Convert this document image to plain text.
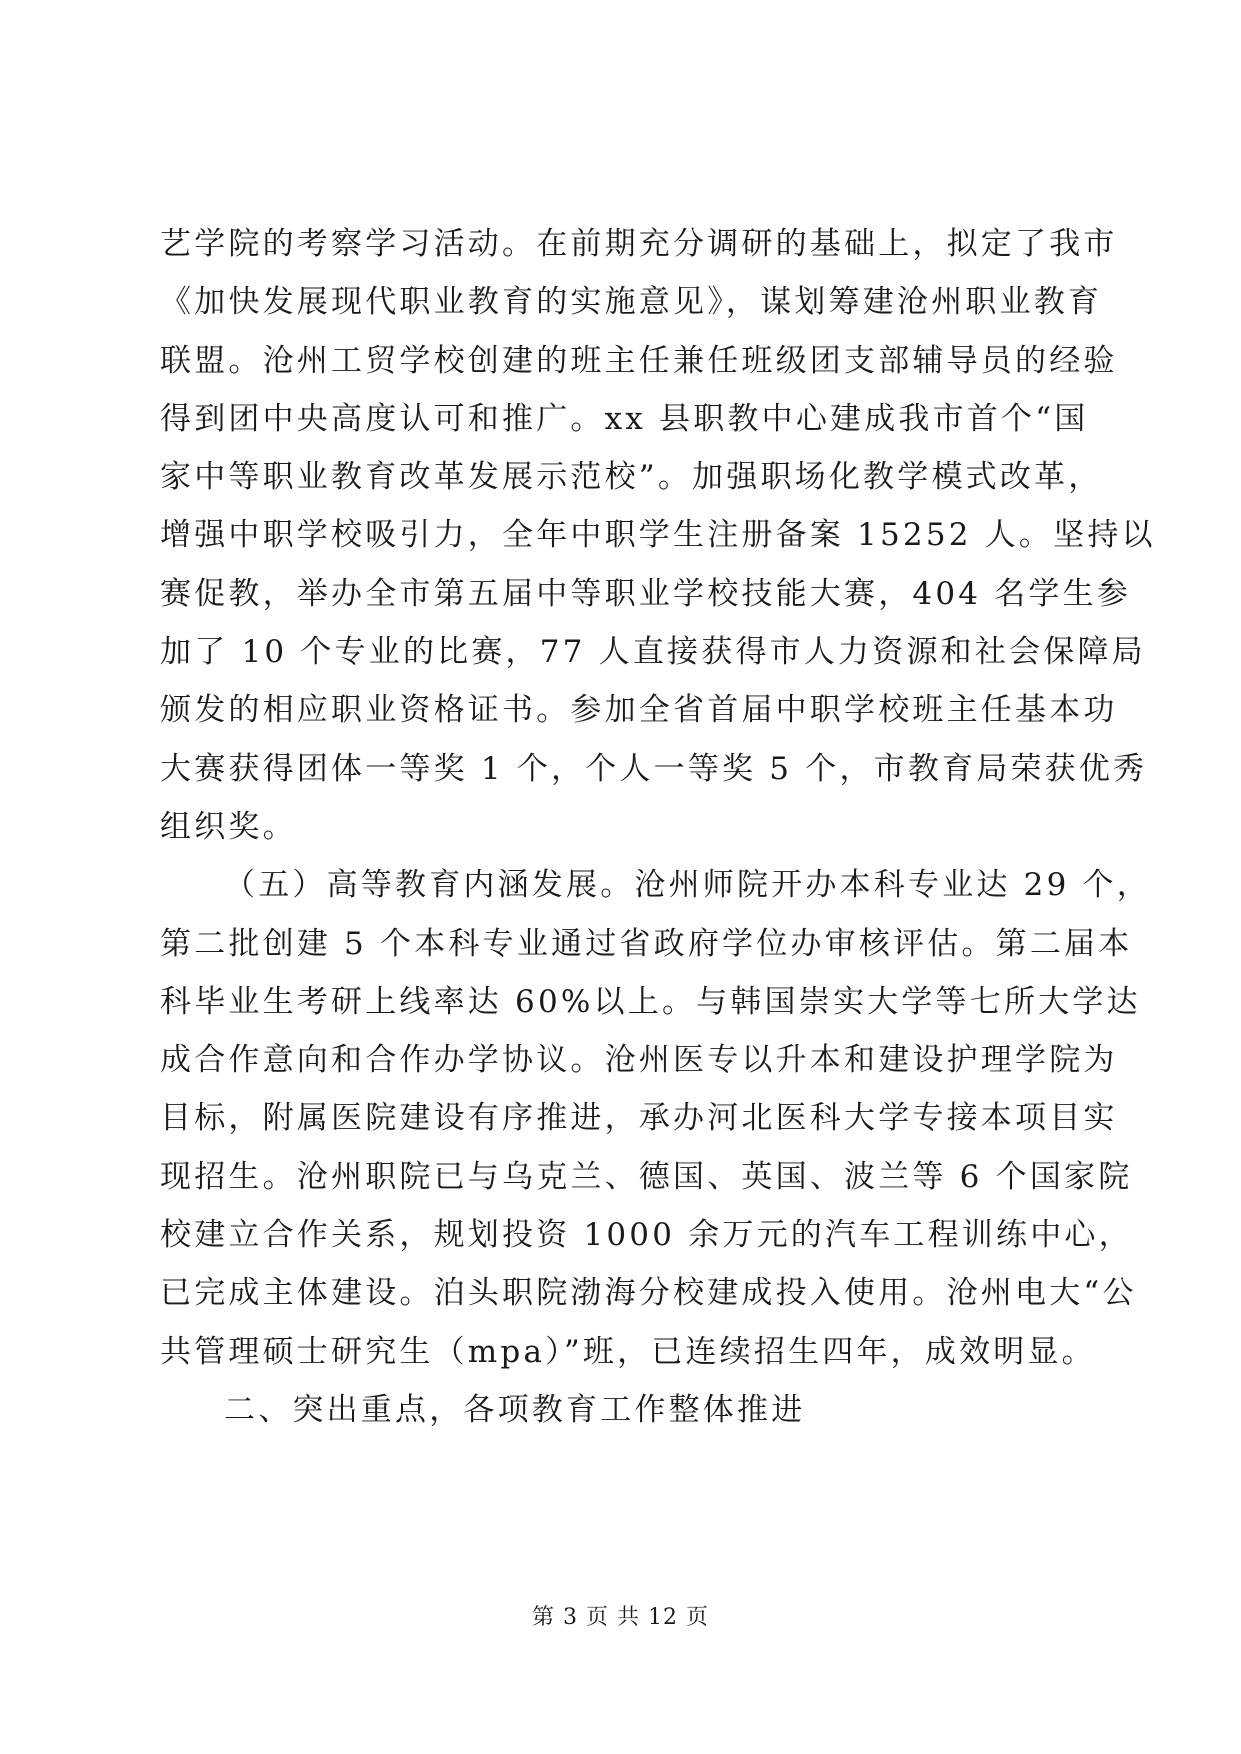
艺学院的考察学习活动。在前期充分调研的基础上，拟定了我市
《加快发展现代职业教育的实施意见》，谋划筹建沧州职业教育
联盟。沧州工贸学校创建的班主任兼任班级团支部辅导员的经验
得到团中央高度认可和推广。xx 县职教中心建成我市首个“国
家中等职业教育改革发展示范校”。加强职场化教学模式改革，
增强中职学校吸引力，全年中职学生注册备案 15252 人。坚持以
赛促教，举办全市第五届中等职业学校技能大赛，404 名学生参
加了 10 个专业的比赛，77 人直接获得市人力资源和社会保障局
颁发的相应职业资格证书。参加全省首届中职学校班主任基本功
大赛获得团体一等奖 1 个，个人一等奖 5 个，市教育局荣获优秀
组织奖。
（五）高等教育内涵发展。沧州师院开办本科专业达 29 个，
第二批创建 5 个本科专业通过省政府学位办审核评估。第二届本
科毕业生考研上线率达 60%以上。与韩国崇实大学等七所大学达
成合作意向和合作办学协议。沧州医专以升本和建设护理学院为
目标，附属医院建设有序推进，承办河北医科大学专接本项目实
现招生。沧州职院已与乌克兰、德国、英国、波兰等 6 个国家院
校建立合作关系，规划投资 1000 余万元的汽车工程训练中心，
已完成主体建设。泊头职院渤海分校建成投入使用。沧州电大“公
共管理硕士研究生（mpa）”班，已连续招生四年，成效明显。
二、突出重点，各项教育工作整体推进
第 3 页 共 12 页
